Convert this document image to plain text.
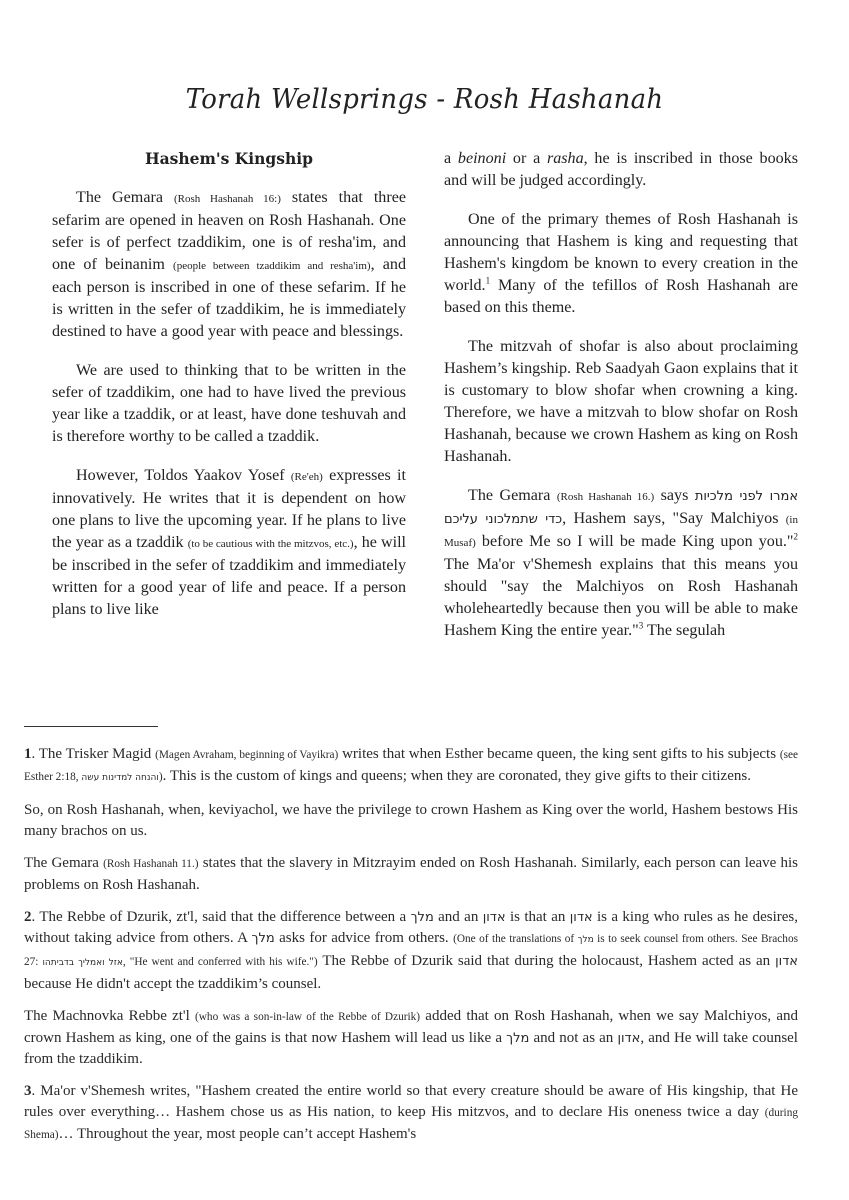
Torah Wellsprings - Rosh Hashanah
Hashem's Kingship

The Gemara (Rosh Hashanah 16:) states that three sefarim are opened in heaven on Rosh Hashanah. One sefer is of perfect tzaddikim, one is of resha'im, and one of beinanim (people between tzaddikim and resha'im), and each person is inscribed in one of these sefarim. If he is written in the sefer of tzaddikim, he is immediately destined to have a good year with peace and blessings.

We are used to thinking that to be written in the sefer of tzaddikim, one had to have lived the previous year like a tzaddik, or at least, have done teshuvah and is therefore worthy to be called a tzaddik.

However, Toldos Yaakov Yosef (Re'eh) expresses it innovatively. He writes that it is dependent on how one plans to live the upcoming year. If he plans to live the year as a tzaddik (to be cautious with the mitzvos, etc.), he will be inscribed in the sefer of tzaddikim and immediately written for a good year of life and peace. If a person plans to live like

a beinoni or a rasha, he is inscribed in those books and will be judged accordingly.

One of the primary themes of Rosh Hashanah is announcing that Hashem is king and requesting that Hashem's kingdom be known to every creation in the world.$^1$ Many of the tefillos of Rosh Hashanah are based on this theme.

The mitzvah of shofar is also about proclaiming Hashem’s kingship. Reb Saadyah Gaon explains that it is customary to blow shofar when crowning a king. Therefore, we have a mitzvah to blow shofar on Rosh Hashanah, because we crown Hashem as king on Rosh Hashanah.

The Gemara (Rosh Hashanah 16.) says אמרו לפני מלכיות כדי שתמלכוני עליכם, Hashem says, "Say Malchiyos (in Musaf) before Me so I will be made King upon you."$^2$ The Ma'or v'Shemesh explains that this means you should "say the Malchiyos on Rosh Hashanah wholeheartedly because then you will be able to make Hashem King the entire year."$^3$ The segulah

1. The Trisker Magid (Magen Avraham, beginning of Vayikra) writes that when Esther became queen, the king sent gifts to his subjects (see Esther 2:18, והנחה למדינות עשה). This is the custom of kings and queens; when they are coronated, they give gifts to their citizens.

So, on Rosh Hashanah, when, keviyachol, we have the privilege to crown Hashem as King over the world, Hashem bestows His many brachos on us.

The Gemara (Rosh Hashanah 11.) states that the slavery in Mitzrayim ended on Rosh Hashanah. Similarly, each person can leave his problems on Rosh Hashanah.

2. The Rebbe of Dzurik, zt'l, said that the difference between a מלך and an אדון is that an אדון is a king who rules as he desires, without taking advice from others. A מלך asks for advice from others. (One of the translations of מלך is to seek counsel from others. See Brachos 27: אזל ואמליך בדביתהו, "He went and conferred with his wife.") The Rebbe of Dzurik said that during the holocaust, Hashem acted as an אדון because He didn't accept the tzaddikim’s counsel.

The Machnovka Rebbe zt'l (who was a son-in-law of the Rebbe of Dzurik) added that on Rosh Hashanah, when we say Malchiyos, and crown Hashem as king, one of the gains is that now Hashem will lead us like a מלך and not as an אדון, and He will take counsel from the tzaddikim.

3. Ma'or v'Shemesh writes, "Hashem created the entire world so that every creature should be aware of His kingship, that He rules over everything… Hashem chose us as His nation, to keep His mitzvos, and to declare His oneness twice a day (during Shema)… Throughout the year, most people can’t accept Hashem's
